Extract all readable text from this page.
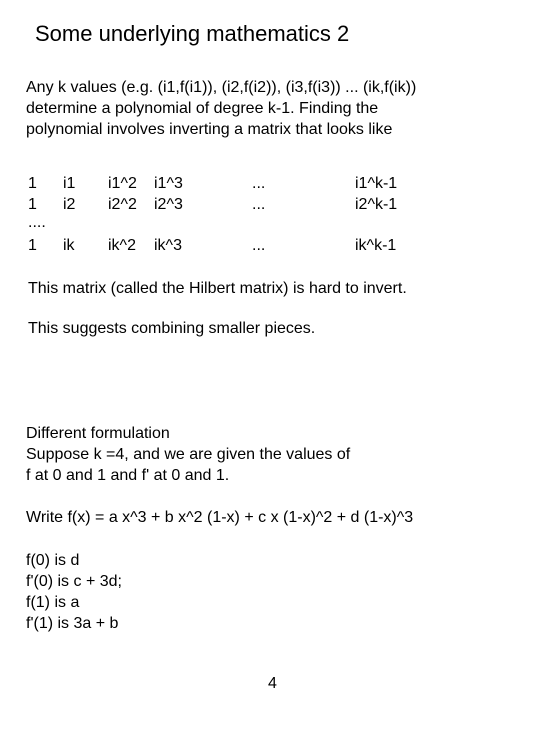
Some underlying mathematics 2
Any k values (e.g. (i1,f(i1)), (i2,f(i2)), (i3,f(i3)) ... (ik,f(ik))
determine a polynomial of degree k-1. Finding the
polynomial involves inverting a matrix that looks like
1 i1 i1^2 i1^3	...	i1^k-1
1 i2 i2^2 i2^3	...	i2^k-1
....
1 ik ik^2 ik^3	...	ik^k-1
This matrix (called the Hilbert matrix) is hard to invert.
This suggests combining smaller pieces.
Different formulation
Suppose k =4, and we are given the values of
f at 0 and 1 and f' at 0 and 1.
Write f(x) = a x^3 + b x^2 (1-x) + c x (1-x)^2 + d (1-x)^3
f(0) is d
f'(0) is c + 3d;
f(1) is a
f'(1) is 3a + b
4
